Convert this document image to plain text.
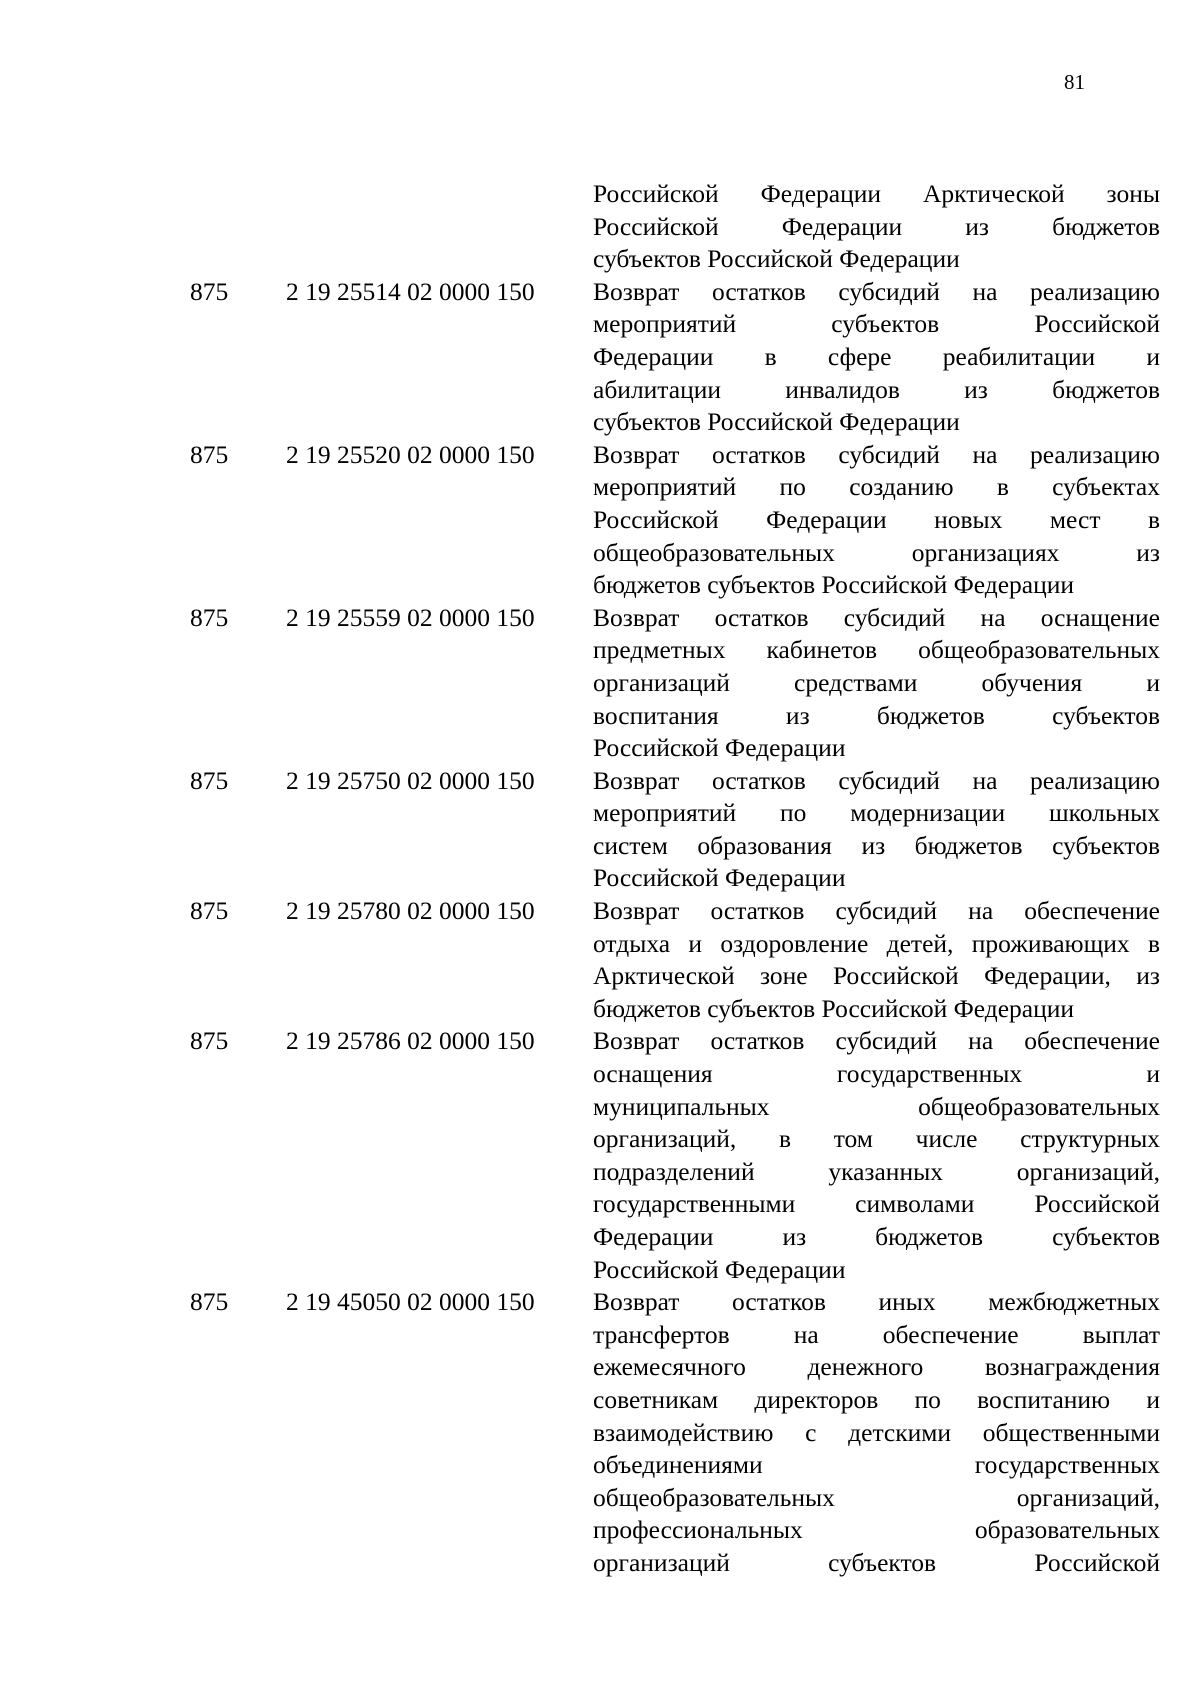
81
Российской Федерации Арктической зоны
Российской Федерации из бюджетов
субъектов Российской Федерации
875	2 19 25514 02 0000 150	Возврат остатков субсидий на реализацию
мероприятий субъектов Российской
Федерации в сфере реабилитации и
абилитации инвалидов из бюджетов
субъектов Российской Федерации
875	2 19 25520 02 0000 150	Возврат остатков субсидий на реализацию
мероприятий по созданию в субъектах
Российской Федерации новых мест в
общеобразовательных организациях из
бюджетов субъектов Российской Федерации
875	2 19 25559 02 0000 150	Возврат остатков субсидий на оснащение
предметных кабинетов общеобразовательных
организаций средствами обучения и
воспитания из бюджетов субъектов
Российской Федерации
875	2 19 25750 02 0000 150	Возврат остатков субсидий на реализацию
мероприятий по модернизации школьных
систем образования из бюджетов субъектов
Российской Федерации
875	2 19 25780 02 0000 150	Возврат остатков субсидий на обеспечение
отдыха и оздоровление детей, проживающих в
Арктической зоне Российской Федерации, из
бюджетов субъектов Российской Федерации
875	2 19 25786 02 0000 150	Возврат остатков субсидий на обеспечение
оснащения государственных и
муниципальных общеобразовательных
организаций, в том числе структурных
подразделений указанных организаций,
государственными символами Российской
Федерации из бюджетов субъектов
Российской Федерации
875	2 19 45050 02 0000 150	Возврат остатков иных межбюджетных
трансфертов на обеспечение выплат
ежемесячного денежного вознаграждения
советникам директоров по воспитанию и
взаимодействию с детскими общественными
объединениями государственных
общеобразовательных организаций,
профессиональных образовательных
организаций субъектов Российской
